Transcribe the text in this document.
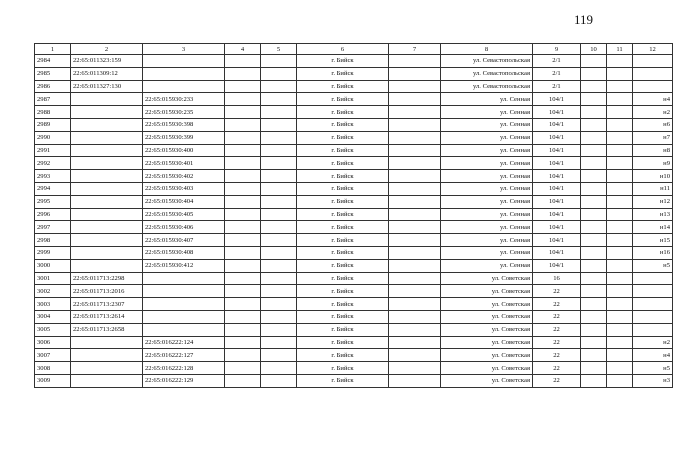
119
1	2	3	4	5	6	7	8	9	10	11	12
2984	22:65:011323:159				г. Бийск		ул. Севастопольская	2/1			
2985	22:65:011309:12				г. Бийск		ул. Севастопольская	2/1			
2986	22:65:011327:130				г. Бийск		ул. Севастопольская	2/1			
2987		22:65:015930:233			г. Бийск		ул. Сенная	104/1			н4
2988		22:65:015930:235			г. Бийск		ул. Сенная	104/1			н2
2989		22:65:015930:398			г. Бийск		ул. Сенная	104/1			н6
2990		22:65:015930:399			г. Бийск		ул. Сенная	104/1			н7
2991		22:65:015930:400			г. Бийск		ул. Сенная	104/1			н8
2992		22:65:015930:401			г. Бийск		ул. Сенная	104/1			н9
2993		22:65:015930:402			г. Бийск		ул. Сенная	104/1			н10
2994		22:65:015930:403			г. Бийск		ул. Сенная	104/1			н11
2995		22:65:015930:404			г. Бийск		ул. Сенная	104/1			н12
2996		22:65:015930:405			г. Бийск		ул. Сенная	104/1			н13
2997		22:65:015930:406			г. Бийск		ул. Сенная	104/1			н14
2998		22:65:015930:407			г. Бийск		ул. Сенная	104/1			н15
2999		22:65:015930:408			г. Бийск		ул. Сенная	104/1			н16
3000		22:65:015930:412			г. Бийск		ул. Сенная	104/1			н5
3001	22:65:011713:2298				г. Бийск		ул. Советская	16			
3002	22:65:011713:2016				г. Бийск		ул. Советская	22			
3003	22:65:011713:2307				г. Бийск		ул. Советская	22			
3004	22:65:011713:2614				г. Бийск		ул. Советская	22			
3005	22:65:011713:2658				г. Бийск		ул. Советская	22			
3006		22:65:016222:124			г. Бийск		ул. Советская	22			н2
3007		22:65:016222:127			г. Бийск		ул. Советская	22			н4
3008		22:65:016222:128			г. Бийск		ул. Советская	22			н5
3009		22:65:016222:129			г. Бийск		ул. Советская	22			н3
